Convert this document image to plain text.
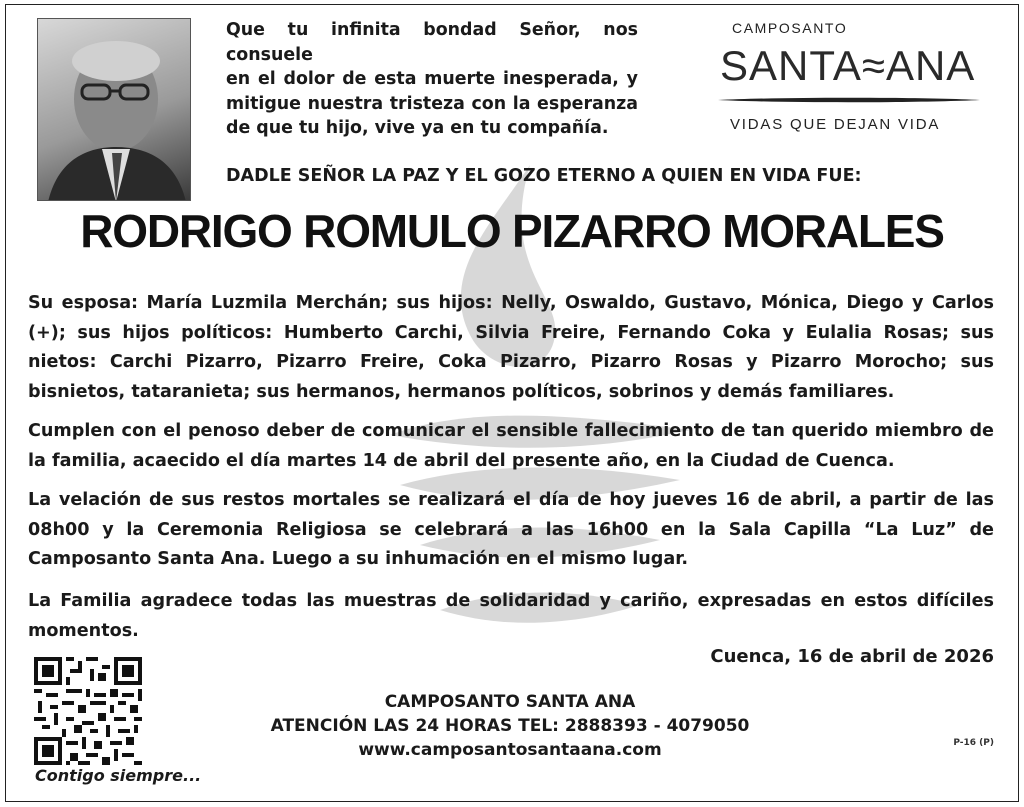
Que tu infinita bondad Señor, nos consuele
en el dolor de esta muerte inesperada, y
mitigue nuestra tristeza con la esperanza
de que tu hijo, vive ya en tu compañía.
CAMPOSANTO
SANTA≈ANA
VIDAS QUE DEJAN VIDA
DADLE SEÑOR LA PAZ Y EL GOZO ETERNO A QUIEN EN VIDA FUE:
RODRIGO ROMULO PIZARRO MORALES

Su esposa: María Luzmila Merchán; sus hijos: Nelly, Oswaldo, Gustavo, Mónica, Diego y Carlos (+); sus hijos políticos: Humberto Carchi, Silvia Freire, Fernando Coka y Eulalia Rosas; sus nietos: Carchi Pizarro, Pizarro Freire, Coka Pizarro, Pizarro Rosas y Pizarro Morocho; sus bisnietos, tataranieta; sus hermanos, hermanos políticos, sobrinos y demás familiares.

Cumplen con el penoso deber de comunicar el sensible fallecimiento de tan querido miembro de la familia, acaecido el día martes 14 de abril del presente año, en la Ciudad de Cuenca.

La velación de sus restos mortales se realizará el día de hoy jueves 16 de abril, a partir de las 08h00 y la Ceremonia Religiosa se celebrará a las 16h00 en la Sala Capilla “La Luz” de Camposanto Santa Ana. Luego a su inhumación en el mismo lugar.

La Familia agradece todas las muestras de solidaridad y cariño, expresadas en estos difíciles momentos.

Cuenca, 16 de abril de 2026
Contigo siempre...
CAMPOSANTO SANTA ANA
ATENCIÓN LAS 24 HORAS TEL: 2888393 - 4079050
www.camposantosantaana.com	P-16 (P)
